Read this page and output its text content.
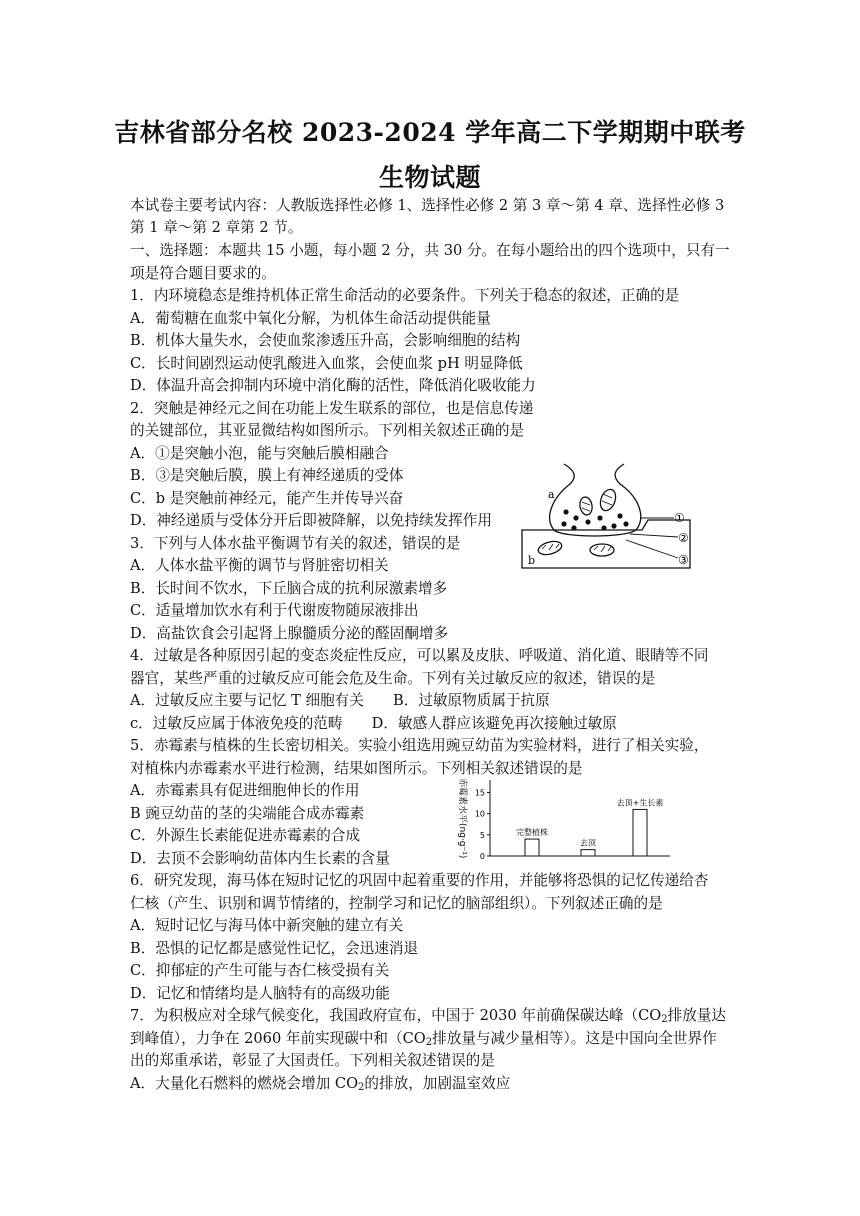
吉林省部分名校 2023-2024 学年高二下学期期中联考
生物试题
本试卷主要考试内容：人教版选择性必修 1、选择性必修 2 第 3 章～第 4 章、选择性必修 3
第 1 章～第 2 章第 2 节。
一、选择题：本题共 15 小题，每小题 2 分，共 30 分。在每小题给出的四个选项中，只有一
项是符合题目要求的。
1．内环境稳态是维持机体正常生命活动的必要条件。下列关于稳态的叙述，正确的是
A．葡萄糖在血浆中氧化分解，为机体生命活动提供能量
B．机体大量失水，会使血浆渗透压升高，会影响细胞的结构
C．长时间剧烈运动使乳酸进入血浆，会使血浆 pH 明显降低
D．体温升高会抑制内环境中消化酶的活性，降低消化吸收能力
2．突触是神经元之间在功能上发生联系的部位，也是信息传递
的关键部位，其亚显微结构如图所示。下列相关叙述正确的是
A．①是突触小泡，能与突触后膜相融合
B．③是突触后膜，膜上有神经递质的受体
C．b 是突触前神经元，能产生并传导兴奋
D．神经递质与受体分开后即被降解，以免持续发挥作用
3．下列与人体水盐平衡调节有关的叙述，错误的是
A．人体水盐平衡的调节与肾脏密切相关
B．长时间不饮水，下丘脑合成的抗利尿激素增多
C．适量增加饮水有利于代谢废物随尿液排出
D．高盐饮食会引起肾上腺髓质分泌的醛固酮增多
4．过敏是各种原因引起的变态炎症性反应，可以累及皮肤、呼吸道、消化道、眼睛等不同
器官，某些严重的过敏反应可能会危及生命。下列有关过敏反应的叙述，错误的是
A．过敏反应主要与记忆 T 细胞有关　　B．过敏原物质属于抗原
c．过敏反应属于体液免疫的范畴　　D．敏感人群应该避免再次接触过敏原
5．赤霉素与植株的生长密切相关。实验小组选用豌豆幼苗为实验材料，进行了相关实验，
对植株内赤霉素水平进行检测，结果如图所示。下列相关叙述错误的是
A．赤霉素具有促进细胞伸长的作用
B 豌豆幼苗的茎的尖端能合成赤霉素
C．外源生长素能促进赤霉素的合成
D．去顶不会影响幼苗体内生长素的含量
6．研究发现，海马体在短时记忆的巩固中起着重要的作用，并能够将恐惧的记忆传递给杏
仁核（产生、识别和调节情绪的，控制学习和记忆的脑部组织）。下列叙述正确的是
A．短时记忆与海马体中新突触的建立有关
B．恐惧的记忆都是感觉性记忆，会迅速消退
C．抑郁症的产生可能与杏仁核受损有关
D．记忆和情绪均是人脑特有的高级功能
7．为积极应对全球气候变化，我国政府宣布，中国于 2030 年前确保碳达峰（$CO_2$排放量达
到峰值），力争在 2060 年前实现碳中和（$CO_2$排放量与减少量相等）。这是中国向全世界作
出的郑重承诺，彰显了大国责任。下列相关叙述错误的是
A．大量化石燃料的燃烧会增加 $CO_2$的排放，加剧温室效应
a
b
①
②
③
赤霉素水平(ng·g⁻¹) 0
5
10
15
完整植株
去顶
去顶+生长素
